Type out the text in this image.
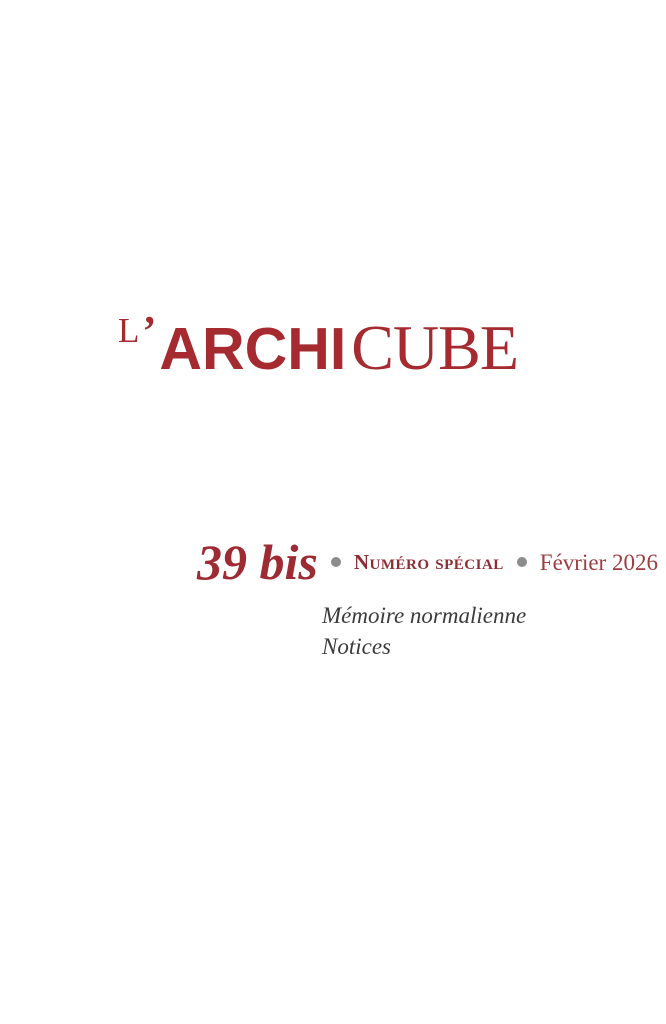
L ’ ARCHI CUBE
39 bis Numéro spécial Février 2026
Mémoire normalienne
Notices
